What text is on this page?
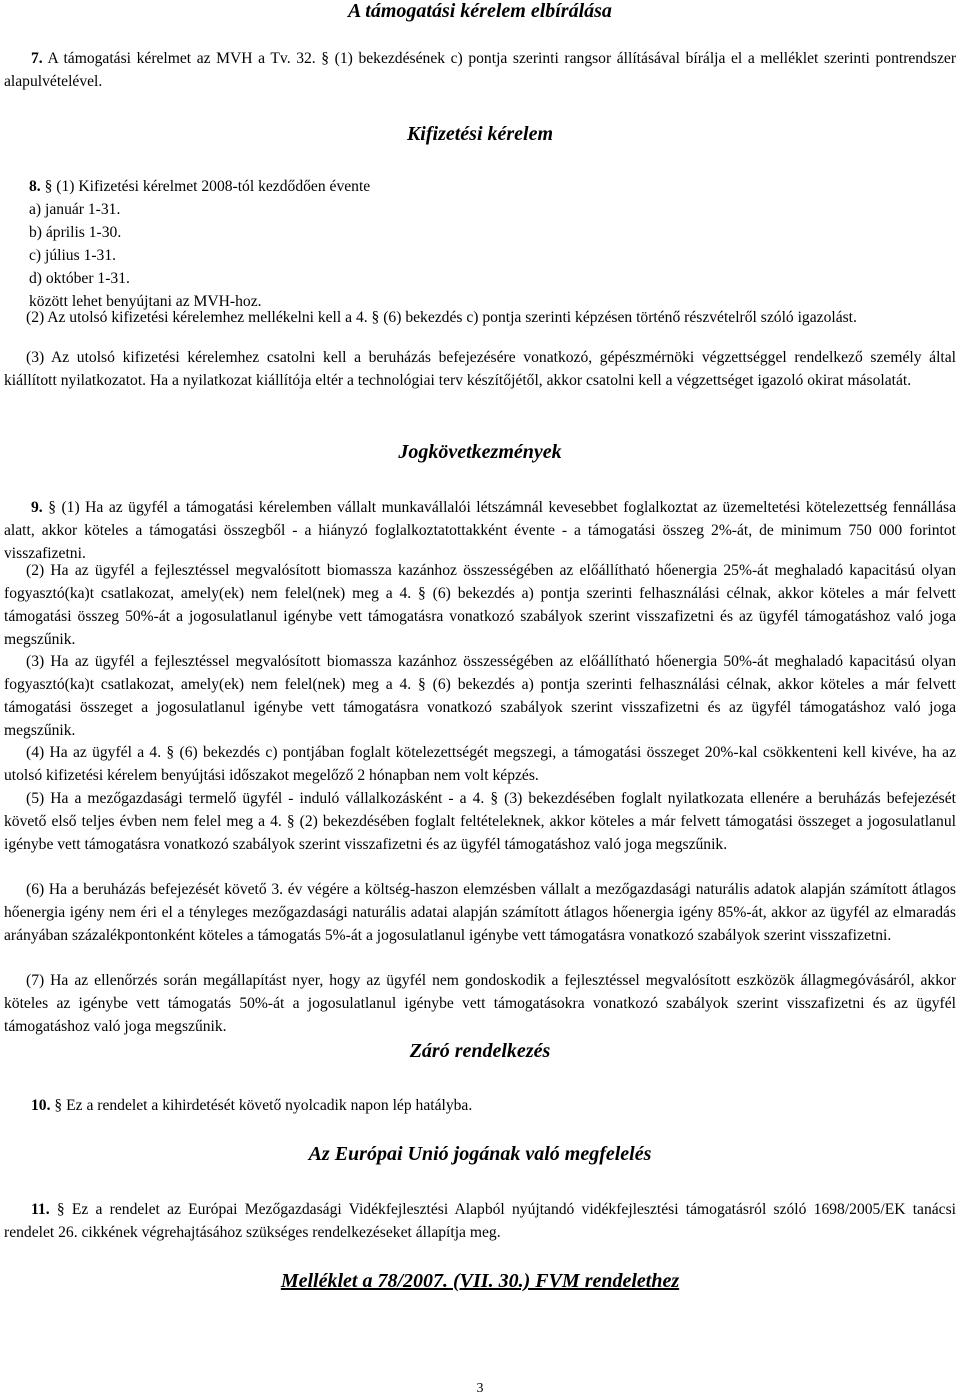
A támogatási kérelem elbírálása
7. A támogatási kérelmet az MVH a Tv. 32. § (1) bekezdésének c) pontja szerinti rangsor állításával bírálja el a melléklet szerinti pontrendszer alapulvételével.
Kifizetési kérelem
8. § (1) Kifizetési kérelmet 2008-tól kezdődően évente
a) január 1-31.
b) április 1-30.
c) július 1-31.
d) október 1-31.
között lehet benyújtani az MVH-hoz.
(2) Az utolsó kifizetési kérelemhez mellékelni kell a 4. § (6) bekezdés c) pontja szerinti képzésen történő részvételről szóló igazolást.
(3) Az utolsó kifizetési kérelemhez csatolni kell a beruházás befejezésére vonatkozó, gépészmérnöki végzettséggel rendelkező személy által kiállított nyilatkozatot. Ha a nyilatkozat kiállítója eltér a technológiai terv készítőjétől, akkor csatolni kell a végzettséget igazoló okirat másolatát.
Jogkövetkezmények
9. § (1) Ha az ügyfél a támogatási kérelemben vállalt munkavállalói létszámnál kevesebbet foglalkoztat az üzemeltetési kötelezettség fennállása alatt, akkor köteles a támogatási összegből - a hiányzó foglalkoztatottakként évente - a támogatási összeg 2%-át, de minimum 750 000 forintot visszafizetni.
(2) Ha az ügyfél a fejlesztéssel megvalósított biomassza kazánhoz összességében az előállítható hőenergia 25%-át meghaladó kapacitású olyan fogyasztó(ka)t csatlakozat, amely(ek) nem felel(nek) meg a 4. § (6) bekezdés a) pontja szerinti felhasználási célnak, akkor köteles a már felvett támogatási összeg 50%-át a jogosulatlanul igénybe vett támogatásra vonatkozó szabályok szerint visszafizetni és az ügyfél támogatáshoz való joga megszűnik.
(3) Ha az ügyfél a fejlesztéssel megvalósított biomassza kazánhoz összességében az előállítható hőenergia 50%-át meghaladó kapacitású olyan fogyasztó(ka)t csatlakozat, amely(ek) nem felel(nek) meg a 4. § (6) bekezdés a) pontja szerinti felhasználási célnak, akkor köteles a már felvett támogatási összeget a jogosulatlanul igénybe vett támogatásra vonatkozó szabályok szerint visszafizetni és az ügyfél támogatáshoz való joga megszűnik.
(4) Ha az ügyfél a 4. § (6) bekezdés c) pontjában foglalt kötelezettségét megszegi, a támogatási összeget 20%-kal csökkenteni kell kivéve, ha az utolsó kifizetési kérelem benyújtási időszakot megelőző 2 hónapban nem volt képzés.
(5) Ha a mezőgazdasági termelő ügyfél - induló vállalkozásként - a 4. § (3) bekezdésében foglalt nyilatkozata ellenére a beruházás befejezését követő első teljes évben nem felel meg a 4. § (2) bekezdésében foglalt feltételeknek, akkor köteles a már felvett támogatási összeget a jogosulatlanul igénybe vett támogatásra vonatkozó szabályok szerint visszafizetni és az ügyfél támogatáshoz való joga megszűnik.
(6) Ha a beruházás befejezését követő 3. év végére a költség-haszon elemzésben vállalt a mezőgazdasági naturális adatok alapján számított átlagos hőenergia igény nem éri el a tényleges mezőgazdasági naturális adatai alapján számított átlagos hőenergia igény 85%-át, akkor az ügyfél az elmaradás arányában százalékpontonként köteles a támogatás 5%-át a jogosulatlanul igénybe vett támogatásra vonatkozó szabályok szerint visszafizetni.
(7) Ha az ellenőrzés során megállapítást nyer, hogy az ügyfél nem gondoskodik a fejlesztéssel megvalósított eszközök állagmegóvásáról, akkor köteles az igénybe vett támogatás 50%-át a jogosulatlanul igénybe vett támogatásokra vonatkozó szabályok szerint visszafizetni és az ügyfél támogatáshoz való joga megszűnik.
Záró rendelkezés
10. § Ez a rendelet a kihirdetését követő nyolcadik napon lép hatályba.
Az Európai Unió jogának való megfelelés
11. § Ez a rendelet az Európai Mezőgazdasági Vidékfejlesztési Alapból nyújtandó vidékfejlesztési támogatásról szóló 1698/2005/EK tanácsi rendelet 26. cikkének végrehajtásához szükséges rendelkezéseket állapítja meg.
Melléklet a 78/2007. (VII. 30.) FVM rendelethez
3
